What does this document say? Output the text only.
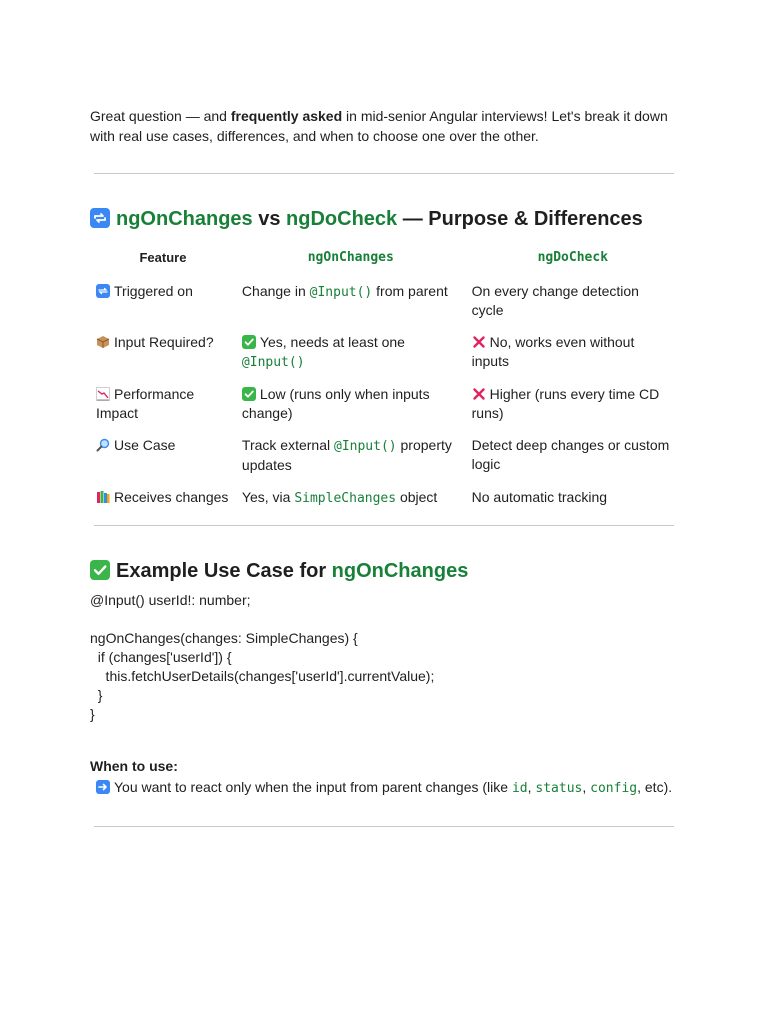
Great question — and frequently asked in mid-senior Angular interviews! Let's break it down with real use cases, differences, and when to choose one over the other.

ngOnChanges vs ngDoCheck — Purpose & Differences
Feature	ngOnChanges	ngDoCheck

Triggered on	Change in @Input() from parent	On every change detection cycle

Input Required?	Yes, needs at least one @Input()	No, works even without inputs

Performance Impact	Low (runs only when inputs change)	Higher (runs every time CD runs)

Use Case	Track external @Input() property updates	Detect deep changes or custom logic

Receives changes	Yes, via SimpleChanges object	No automatic tracking
Example Use Case for ngOnChanges
@Input() userId!: number;

ngOnChanges(changes: SimpleChanges) {
if (changes['userId']) {
this.fetchUserDetails(changes['userId'].currentValue);
}
}

When to use:

You want to react only when the input from parent changes (like id, status, config, etc).
